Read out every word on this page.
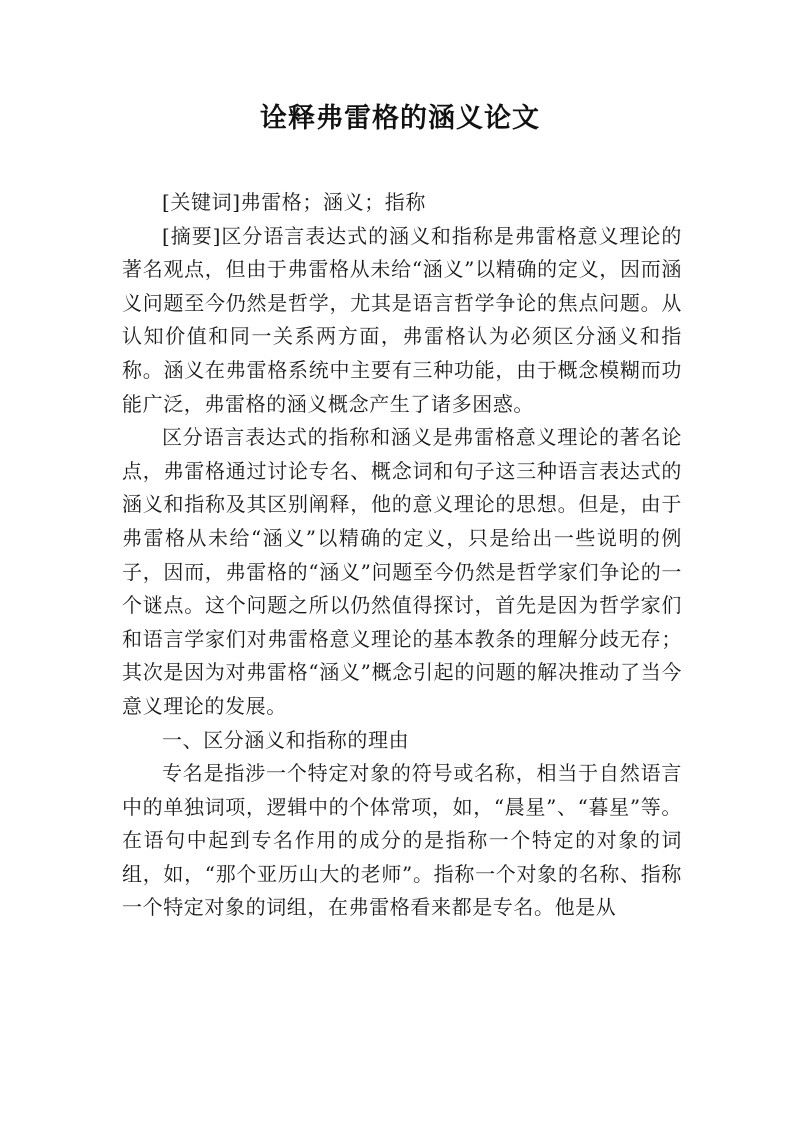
诠释弗雷格的涵义论文

[关键词]弗雷格；涵义；指称

[摘要]区分语言表达式的涵义和指称是弗雷格意义理论的著名观点，但由于弗雷格从未给“涵义”以精确的定义，因而涵义问题至今仍然是哲学，尤其是语言哲学争论的焦点问题。从认知价值和同一关系两方面，弗雷格认为必须区分涵义和指称。涵义在弗雷格系统中主要有三种功能，由于概念模糊而功能广泛，弗雷格的涵义概念产生了诸多困惑。

区分语言表达式的指称和涵义是弗雷格意义理论的著名论点，弗雷格通过讨论专名、概念词和句子这三种语言表达式的涵义和指称及其区别阐释，他的意义理论的思想。但是，由于弗雷格从未给“涵义”以精确的定义，只是给出一些说明的例子，因而，弗雷格的“涵义”问题至今仍然是哲学家们争论的一个谜点。这个问题之所以仍然值得探讨，首先是因为哲学家们和语言学家们对弗雷格意义理论的基本教条的理解分歧无存；其次是因为对弗雷格“涵义”概念引起的问题的解决推动了当今意义理论的发展。

一、区分涵义和指称的理由

专名是指涉一个特定对象的符号或名称，相当于自然语言中的单独词项，逻辑中的个体常项，如，“晨星”、“暮星”等。在语句中起到专名作用的成分的是指称一个特定的对象的词组，如，“那个亚历山大的老师”。指称一个对象的名称、指称一个特定对象的词组，在弗雷格看来都是专名。他是从
